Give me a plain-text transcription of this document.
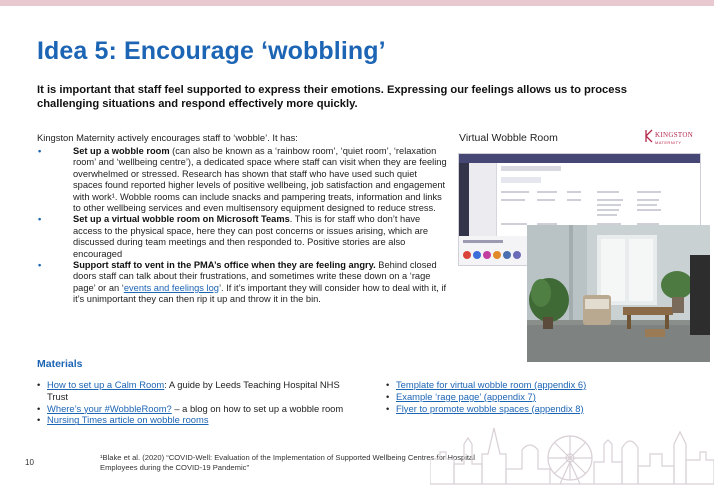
Idea 5: Encourage ‘wobbling’

It is important that staff feel supported to express their emotions. Expressing our feelings allows us to process challenging situations and respond effectively more quickly.

Kingston Maternity actively encourages staff to ‘wobble’. It has:

•	Set up a wobble room (can also be known as a ‘rainbow room’, ‘quiet room’, ‘relaxation room’ and ‘wellbeing centre’), a dedicated space where staff can visit when they are feeling overwhelmed or stressed. Research has shown that staff who have used such quiet spaces found reported higher levels of positive wellbeing, job satisfaction and engagement with work¹. Wobble rooms can include snacks and pampering treats, information and links to other wellbeing services and even multisensory equipment designed to reduce stress.
•	Set up a virtual wobble room on Microsoft Teams. This is for staff who don’t have access to the physical space, here they can post concerns or issues arising, which are discussed during team meetings and then responded to. Positive stories are also encouraged
•	Support staff to vent in the PMA’s office when they are feeling angry. Behind closed doors staff can talk about their frustrations, and sometimes write these down on a ‘rage page’ or an ‘events and feelings log’. If it’s important they will consider how to deal with it, if it’s unimportant they can then rip it up and throw it in the bin.
Materials
• How to set up a Calm Room: A guide by Leeds Teaching Hospital NHS Trust
• Where’s your #WobbleRoom? – a blog on how to set up a wobble room
• Nursing Times article on wobble rooms
• Template for virtual wobble room (appendix 6)
• Example ‘rage page’ (appendix 7)
• Flyer to promote wobble spaces (appendix 8)
10

¹Blake et al. (2020) “COVID-Well: Evaluation of the Implementation of Supported Wellbeing Centres for Hospital Employees during the COVID-19 Pandemic”

Virtual Wobble Room	KINGSTON
MATERNITY
